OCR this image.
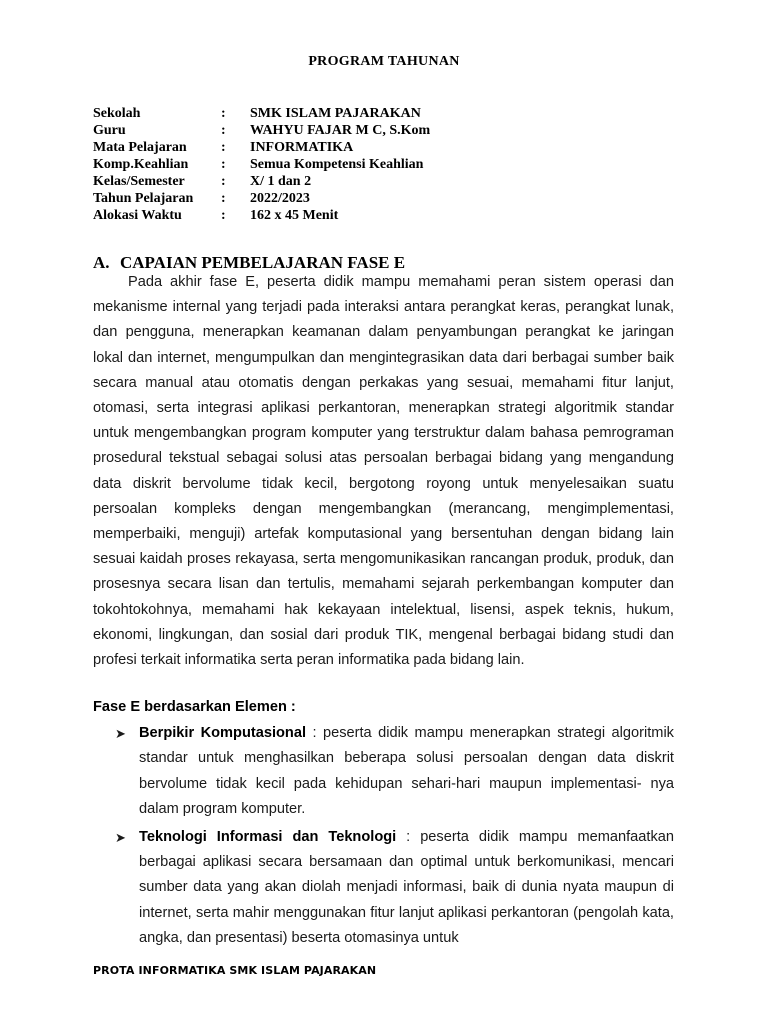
PROGRAM TAHUNAN
Sekolah	:	SMK ISLAM PAJARAKAN
Guru	:	WAHYU FAJAR M C, S.Kom
Mata Pelajaran	:	INFORMATIKA
Komp.Keahlian	:	Semua Kompetensi Keahlian
Kelas/Semester	:	X/ 1 dan 2
Tahun Pelajaran	:	2022/2023
Alokasi Waktu	:	162 x 45 Menit
A. CAPAIAN PEMBELAJARAN FASE E
Pada akhir fase E, peserta didik mampu memahami peran sistem operasi dan mekanisme internal yang terjadi pada interaksi antara perangkat keras, perangkat lunak, dan pengguna, menerapkan keamanan dalam penyambungan perangkat ke jaringan lokal dan internet, mengumpulkan dan mengintegrasikan data dari berbagai sumber baik secara manual atau otomatis dengan perkakas yang sesuai, memahami fitur lanjut, otomasi, serta integrasi aplikasi perkantoran, menerapkan strategi algoritmik standar untuk mengembangkan program komputer yang terstruktur dalam bahasa pemrograman prosedural tekstual sebagai solusi atas persoalan berbagai bidang yang mengandung data diskrit bervolume tidak kecil, bergotong royong untuk menyelesaikan suatu persoalan kompleks dengan mengembangkan (merancang, mengimplementasi, memperbaiki, menguji) artefak komputasional yang bersentuhan dengan bidang lain sesuai kaidah proses rekayasa, serta mengomunikasikan rancangan produk, produk, dan prosesnya secara lisan dan tertulis, memahami sejarah perkembangan komputer dan tokohtokohnya, memahami hak kekayaan intelektual, lisensi, aspek teknis, hukum, ekonomi, lingkungan, dan sosial dari produk TIK, mengenal berbagai bidang studi dan profesi terkait informatika serta peran informatika pada bidang lain.
Fase E berdasarkan Elemen :
➤ Berpikir Komputasional : peserta didik mampu menerapkan strategi algoritmik standar untuk menghasilkan beberapa solusi persoalan dengan data diskrit bervolume tidak kecil pada kehidupan sehari-hari maupun implementasi- nya dalam program komputer.
➤ Teknologi Informasi dan Teknologi : peserta didik mampu memanfaatkan berbagai aplikasi secara bersamaan dan optimal untuk berkomunikasi, mencari sumber data yang akan diolah menjadi informasi, baik di dunia nyata maupun di internet, serta mahir menggunakan fitur lanjut aplikasi perkantoran (pengolah kata, angka, dan presentasi) beserta otomasinya untuk
PROTA INFORMATIKA SMK ISLAM PAJARAKAN
